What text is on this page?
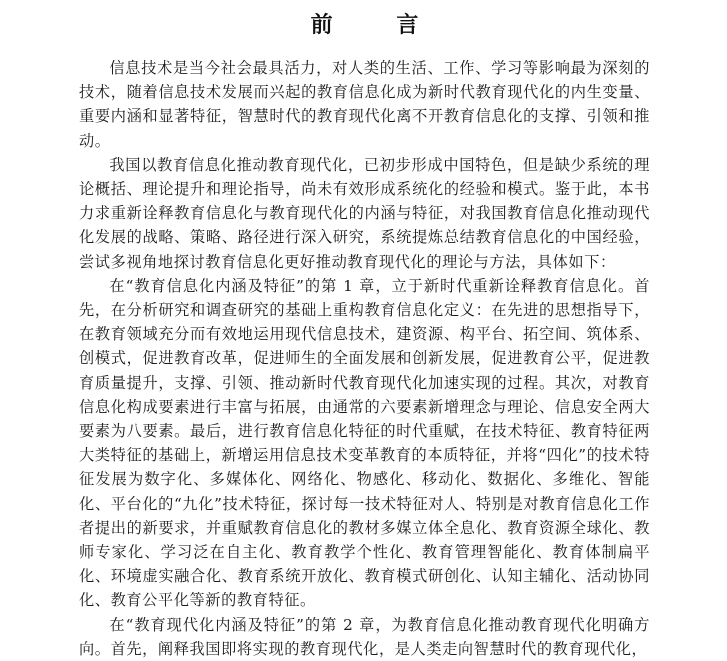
前 言

信息技术是当今社会最具活力，对人类的生活、工作、学习等影响最为深刻的技术，随着信息技术发展而兴起的教育信息化成为新时代教育现代化的内生变量、重要内涵和显著特征，智慧时代的教育现代化离不开教育信息化的支撑、引领和推动。

我国以教育信息化推动教育现代化，已初步形成中国特色，但是缺少系统的理论概括、理论提升和理论指导，尚未有效形成系统化的经验和模式。鉴于此，本书力求重新诠释教育信息化与教育现代化的内涵与特征，对我国教育信息化推动现代化发展的战略、策略、路径进行深入研究，系统提炼总结教育信息化的中国经验，尝试多视角地探讨教育信息化更好推动教育现代化的理论与方法，具体如下：

在“教育信息化内涵及特征”的第 1 章，立于新时代重新诠释教育信息化。首先，在分析研究和调查研究的基础上重构教育信息化定义：在先进的思想指导下，在教育领域充分而有效地运用现代信息技术，建资源、构平台、拓空间、筑体系、创模式，促进教育改革，促进师生的全面发展和创新发展，促进教育公平，促进教育质量提升，支撑、引领、推动新时代教育现代化加速实现的过程。其次，对教育信息化构成要素进行丰富与拓展，由通常的六要素新增理念与理论、信息安全两大要素为八要素。最后，进行教育信息化特征的时代重赋，在技术特征、教育特征两大类特征的基础上，新增运用信息技术变革教育的本质特征，并将“四化”的技术特征发展为数字化、多媒体化、网络化、物感化、移动化、数据化、多维化、智能化、平台化的“九化”技术特征，探讨每一技术特征对人、特别是对教育信息化工作者提出的新要求，并重赋教育信息化的教材多媒立体全息化、教育资源全球化、教师专家化、学习泛在自主化、教育教学个性化、教育管理智能化、教育体制扁平化、环境虚实融合化、教育系统开放化、教育模式研创化、认知主辅化、活动协同化、教育公平化等新的教育特征。

在“教育现代化内涵及特征”的第 2 章，为教育信息化推动教育现代化明确方向。首先，阐释我国即将实现的教育现代化，是人类走向智慧时代的教育现代化，
